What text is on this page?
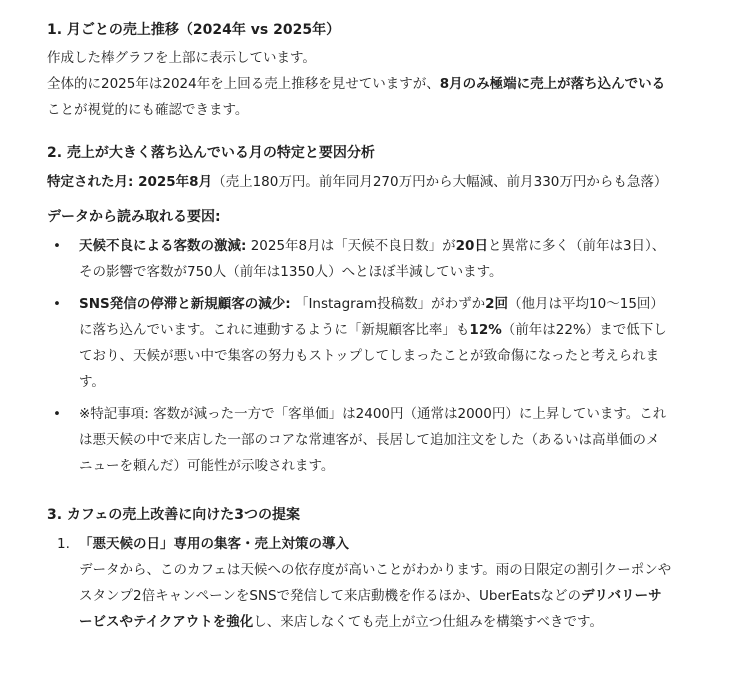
1. 月ごとの売上推移（2024年 vs 2025年）

作成した棒グラフを上部に表示しています。

全体的に2025年は2024年を上回る売上推移を見せていますが、8月のみ極端に売上が落ち込んでいることが視覚的にも確認できます。

2. 売上が大きく落ち込んでいる月の特定と要因分析

特定された月: 2025年8月（売上180万円。前年同月270万円から大幅減、前月330万円からも急落）

データから読み取れる要因:

• 天候不良による客数の激減: 2025年8月は「天候不良日数」が20日と異常に多く（前年は3日）、その影響で客数が750人（前年は1350人）へとほぼ半減しています。
• SNS発信の停滞と新規顧客の減少: 「Instagram投稿数」がわずか2回（他月は平均10〜15回）に落ち込んでいます。これに連動するように「新規顧客比率」も12%（前年は22%）まで低下しており、天候が悪い中で集客の努力もストップしてしまったことが致命傷になったと考えられます。
• ※特記事項: 客数が減った一方で「客単価」は2400円（通常は2000円）に上昇しています。これは悪天候の中で来店した一部のコアな常連客が、長居して追加注文をした（あるいは高単価のメニューを頼んだ）可能性が示唆されます。

3. カフェの売上改善に向けた3つの提案

1. 「悪天候の日」専用の集客・売上対策の導入
データから、このカフェは天候への依存度が高いことがわかります。雨の日限定の割引クーポンやスタンプ2倍キャンペーンをSNSで発信して来店動機を作るほか、UberEatsなどのデリバリーサービスやテイクアウトを強化し、来店しなくても売上が立つ仕組みを構築すべきです。
